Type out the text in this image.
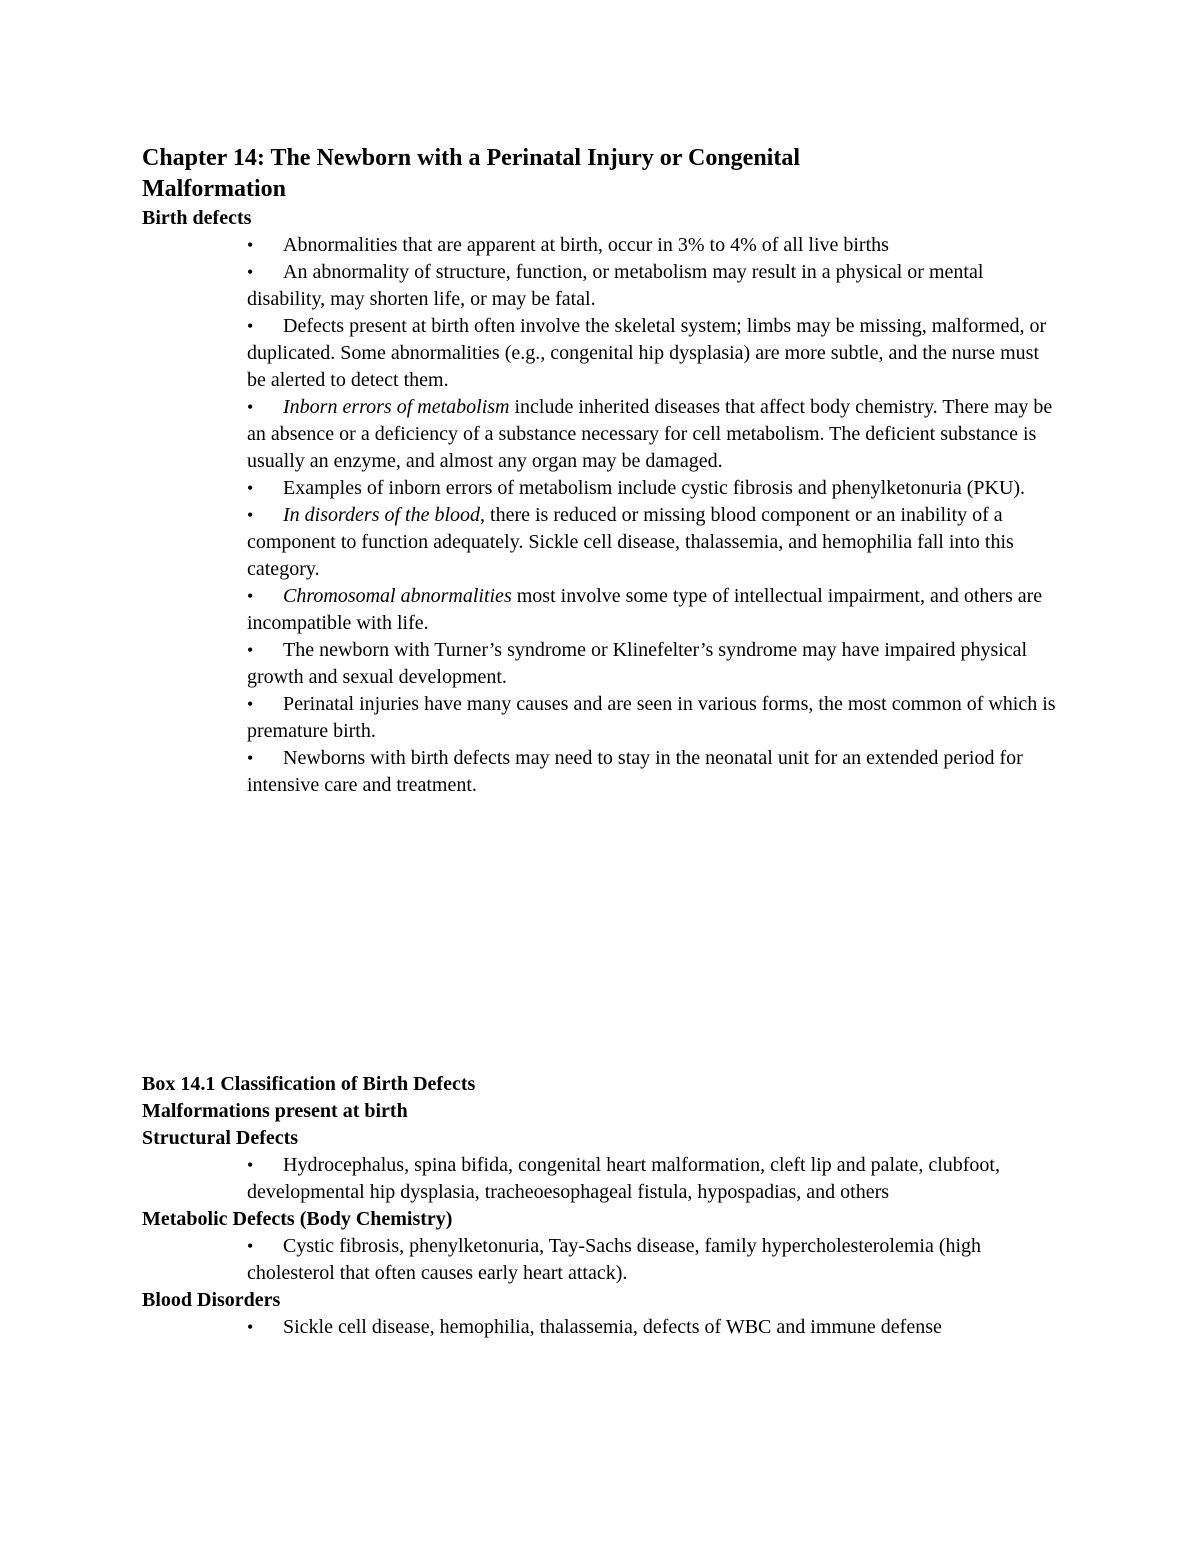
Chapter 14: The Newborn with a Perinatal Injury or Congenital Malformation
Birth defects
• Abnormalities that are apparent at birth, occur in 3% to 4% of all live births
• An abnormality of structure, function, or metabolism may result in a physical or mental disability, may shorten life, or may be fatal.
• Defects present at birth often involve the skeletal system; limbs may be missing, malformed, or duplicated. Some abnormalities (e.g., congenital hip dysplasia) are more subtle, and the nurse must be alerted to detect them.
• Inborn errors of metabolism include inherited diseases that affect body chemistry. There may be an absence or a deficiency of a substance necessary for cell metabolism. The deficient substance is usually an enzyme, and almost any organ may be damaged.
• Examples of inborn errors of metabolism include cystic fibrosis and phenylketonuria (PKU).
• In disorders of the blood, there is reduced or missing blood component or an inability of a component to function adequately. Sickle cell disease, thalassemia, and hemophilia fall into this category.
• Chromosomal abnormalities most involve some type of intellectual impairment, and others are incompatible with life.
• The newborn with Turner’s syndrome or Klinefelter’s syndrome may have impaired physical growth and sexual development.
• Perinatal injuries have many causes and are seen in various forms, the most common of which is premature birth.
• Newborns with birth defects may need to stay in the neonatal unit for an extended period for intensive care and treatment.
Box 14.1 Classification of Birth Defects
Malformations present at birth
Structural Defects
• Hydrocephalus, spina bifida, congenital heart malformation, cleft lip and palate, clubfoot, developmental hip dysplasia, tracheoesophageal fistula, hypospadias, and others
Metabolic Defects (Body Chemistry)
• Cystic fibrosis, phenylketonuria, Tay-Sachs disease, family hypercholesterolemia (high cholesterol that often causes early heart attack).
Blood Disorders
• Sickle cell disease, hemophilia, thalassemia, defects of WBC and immune defense
